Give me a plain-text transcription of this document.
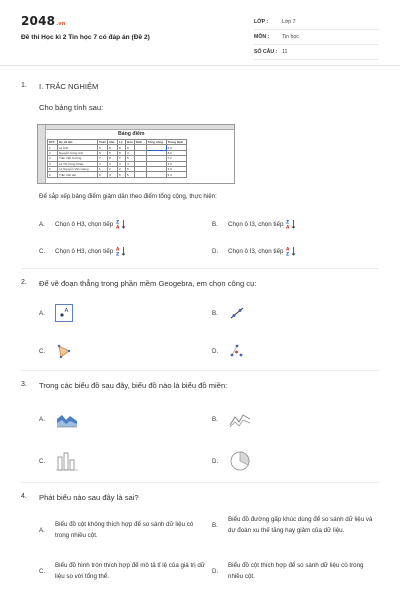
2048.vn
Đề thi Học kì 2 Tin học 7 có đáp án (Đề 2)
LỚP :	Lớp 7
MÔN :	Tin học
SỐ CÂU : 11
1. I. TRẮC NGHIỆM
Cho bảng tính sau:
Bảng điểm
STT	Họ và tên	Toán	Văn	Lý	Hóa	Sinh	Tổng cộng	Trung bình
1	Lê Anh	6	8	8	8			6.2
2	Nguyễn Công Anh	8	5	8	4			8.2
3	Trần Việt Cường	7	8	7	5			7.2
4	Lê Thị Công Châu	4	4	4	4			4.0
5	Lê Nguyễn Văn Giang	1	2	2	6			3.0
6	Trần Việt Hà	6	4	6	5			5.4
Để sắp xếp bảng điểm giảm dần theo điểm tổng cộng, thực hiện:
A.	Chọn ô H3, chọn tiếp Z
A
B.	Chọn ô I3, chọn tiếp Z
A
C.	Chọn ô H3, chọn tiếp A
Z
D.	Chọn ô I3, chọn tiếp A
Z
2. Để vẽ đoạn thẳng trong phần mềm Geogebra, em chọn công cụ:
A.	A	B.
C.	D.
3. Trong các biểu đồ sau đây, biểu đồ nào là biểu đồ miền:
A.	B.
C.	D.
4. Phát biểu nào sau đây là sai?
A.
Biểu đồ cột không thích hợp để so sánh dữ liệu có trong nhiều cột.
B.
Biểu đồ đường gấp khúc dùng để so sánh dữ liệu và dự đoán xu thế tăng hay giảm của dữ liệu.
C.
Biểu đồ hình tròn thích hợp để mô tả tỉ lệ của giá trị dữ liệu so với tổng thể.
D.
Biểu đồ cột thích hợp để so sánh dữ liệu có trong nhiều cột.
